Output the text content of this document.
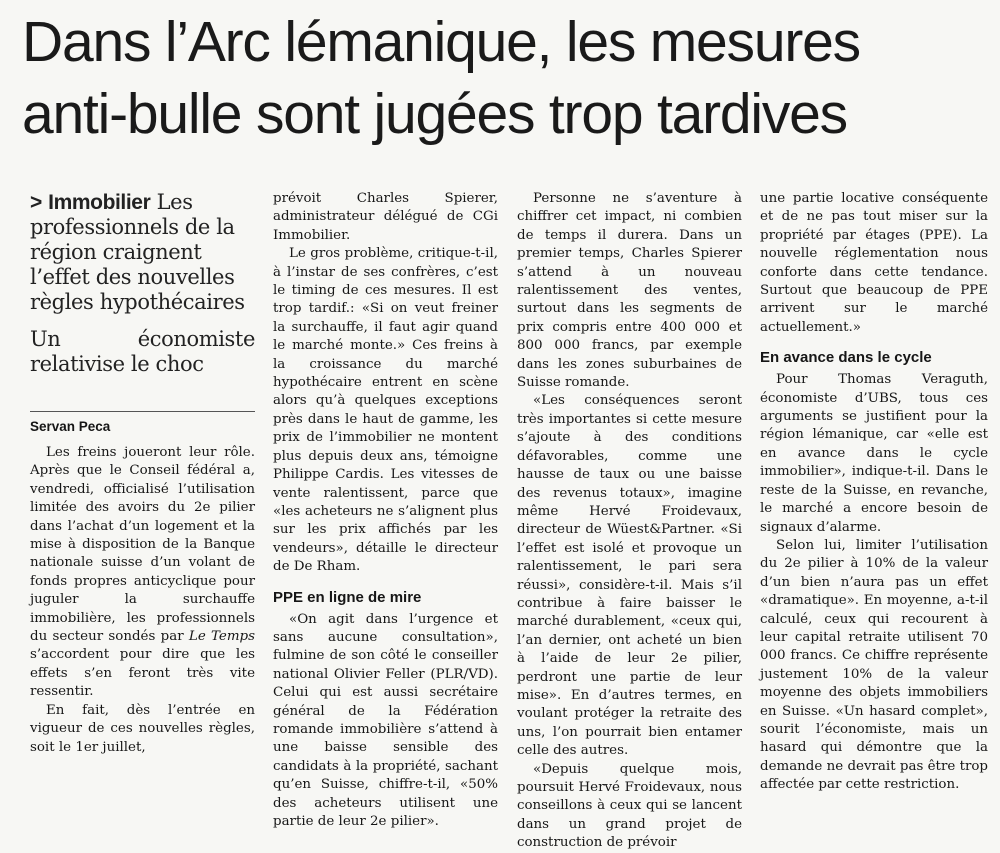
Dans l’Arc lémanique, les mesures
anti-bulle sont jugées trop tardives
> Immobilier Les professionnels de la région craignent l’effet des nouvelles règles hypothécaires
Un économiste relativise le choc
Servan Peca

Les freins joueront leur rôle. Après que le Conseil fédéral a, vendredi, officialisé l’utilisation limitée des avoirs du 2e pilier dans l’achat d’un logement et la mise à disposition de la Banque nationale suisse d’un volant de fonds propres anticyclique pour juguler la surchauffe immobilière, les professionnels du secteur sondés par Le Temps s’accordent pour dire que les effets s’en feront très vite ressentir.

En fait, dès l’entrée en vigueur de ces nouvelles règles, soit le 1er juillet,

prévoit Charles Spierer, administrateur délégué de CGi Immobilier.

Le gros problème, critique-t-il, à l’instar de ses confrères, c’est le timing de ces mesures. Il est trop tardif.: «Si on veut freiner la surchauffe, il faut agir quand le marché monte.» Ces freins à la croissance du marché hypothécaire entrent en scène alors qu’à quelques exceptions près dans le haut de gamme, les prix de l’immobilier ne montent plus depuis deux ans, témoigne Philippe Cardis. Les vitesses de vente ralentissent, parce que «les acheteurs ne s’alignent plus sur les prix affichés par les vendeurs», détaille le directeur de De Rham.

PPE en ligne de mire

«On agit dans l’urgence et sans aucune consultation», fulmine de son côté le conseiller national Olivier Feller (PLR/VD). Celui qui est aussi secrétaire général de la Fédération romande immobilière s’attend à une baisse sensible des candidats à la propriété, sachant qu’en Suisse, chiffre-t-il, «50% des acheteurs utilisent une partie de leur 2e pilier».

Personne ne s’aventure à chiffrer cet impact, ni combien de temps il durera. Dans un premier temps, Charles Spierer s’attend à un nouveau ralentissement des ventes, surtout dans les segments de prix compris entre 400 000 et 800 000 francs, par exemple dans les zones suburbaines de Suisse romande.

«Les conséquences seront très importantes si cette mesure s’ajoute à des conditions défavorables, comme une hausse de taux ou une baisse des revenus totaux», imagine même Hervé Froidevaux, directeur de Wüest&Partner. «Si l’effet est isolé et provoque un ralentissement, le pari sera réussi», considère-t-il. Mais s’il contribue à faire baisser le marché durablement, «ceux qui, l’an dernier, ont acheté un bien à l’aide de leur 2e pilier, perdront une partie de leur mise». En d’autres termes, en voulant protéger la retraite des uns, l’on pourrait bien entamer celle des autres.

«Depuis quelque mois, poursuit Hervé Froidevaux, nous conseillons à ceux qui se lancent dans un grand projet de construction de prévoir

une partie locative conséquente et de ne pas tout miser sur la propriété par étages (PPE). La nouvelle réglementation nous conforte dans cette tendance. Surtout que beaucoup de PPE arrivent sur le marché actuellement.»

En avance dans le cycle

Pour Thomas Veraguth, économiste d’UBS, tous ces arguments se justifient pour la région lémanique, car «elle est en avance dans le cycle immobilier», indique-t-il. Dans le reste de la Suisse, en revanche, le marché a encore besoin de signaux d’alarme.

Selon lui, limiter l’utilisation du 2e pilier à 10% de la valeur d’un bien n’aura pas un effet «dramatique». En moyenne, a-t-il calculé, ceux qui recourent à leur capital retraite utilisent 70 000 francs. Ce chiffre représente justement 10% de la valeur moyenne des objets immobiliers en Suisse. «Un hasard complet», sourit l’économiste, mais un hasard qui démontre que la demande ne devrait pas être trop affectée par cette restriction.
